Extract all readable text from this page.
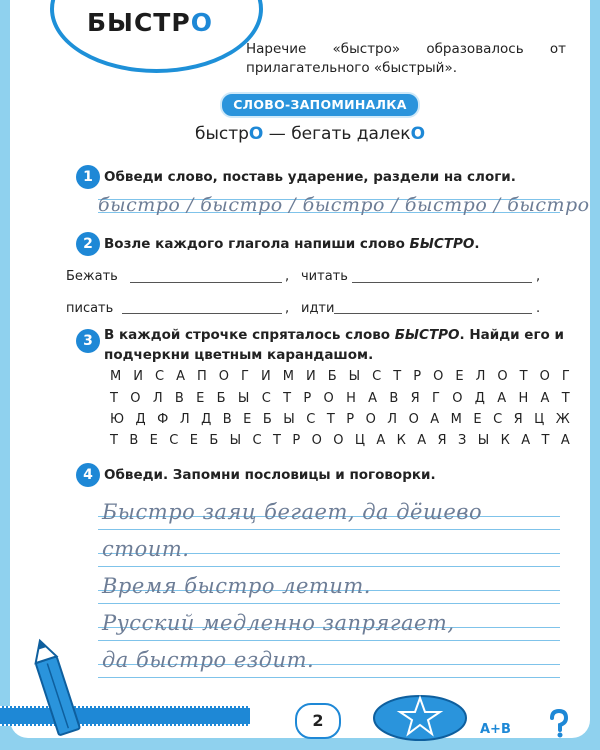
БЫСТРО
Наречие «быстро» образовалось от прилагательного «быстрый».
СЛОВО-ЗАПОМИНАЛКА
быстрО — бегать далекО
1 Обведи слово, поставь ударение, раздели на слоги.
быстро / быстро / быстро / быстро / быстро
2 Возле каждого глагола напиши слово БЫСТРО.
Бежать	, читать	,
писать	, идти	.
3 В каждой строчке спряталось слово БЫСТРО. Найди его и подчеркни цветным карандашом.
М И С А П О Г И М И Б Ы С Т Р О Е Л О Т О Г
Т О Л В Е Б Ы С Т Р О Н А В Я Г О Д А Н А Т
Ю Д Ф Л Д В Е Б Ы С Т Р О Л О А М Е С Я Ц Ж
Т В Е С Е Б Ы С Т Р О О Ц А К А Я З Ы К А Т А
4 Обведи. Запомни пословицы и поговорки.
Быстро заяц бегает, да дёшево
стоит.
Время быстро летит.
Русский медленно запрягает,
да быстро ездит.
2	A+B
